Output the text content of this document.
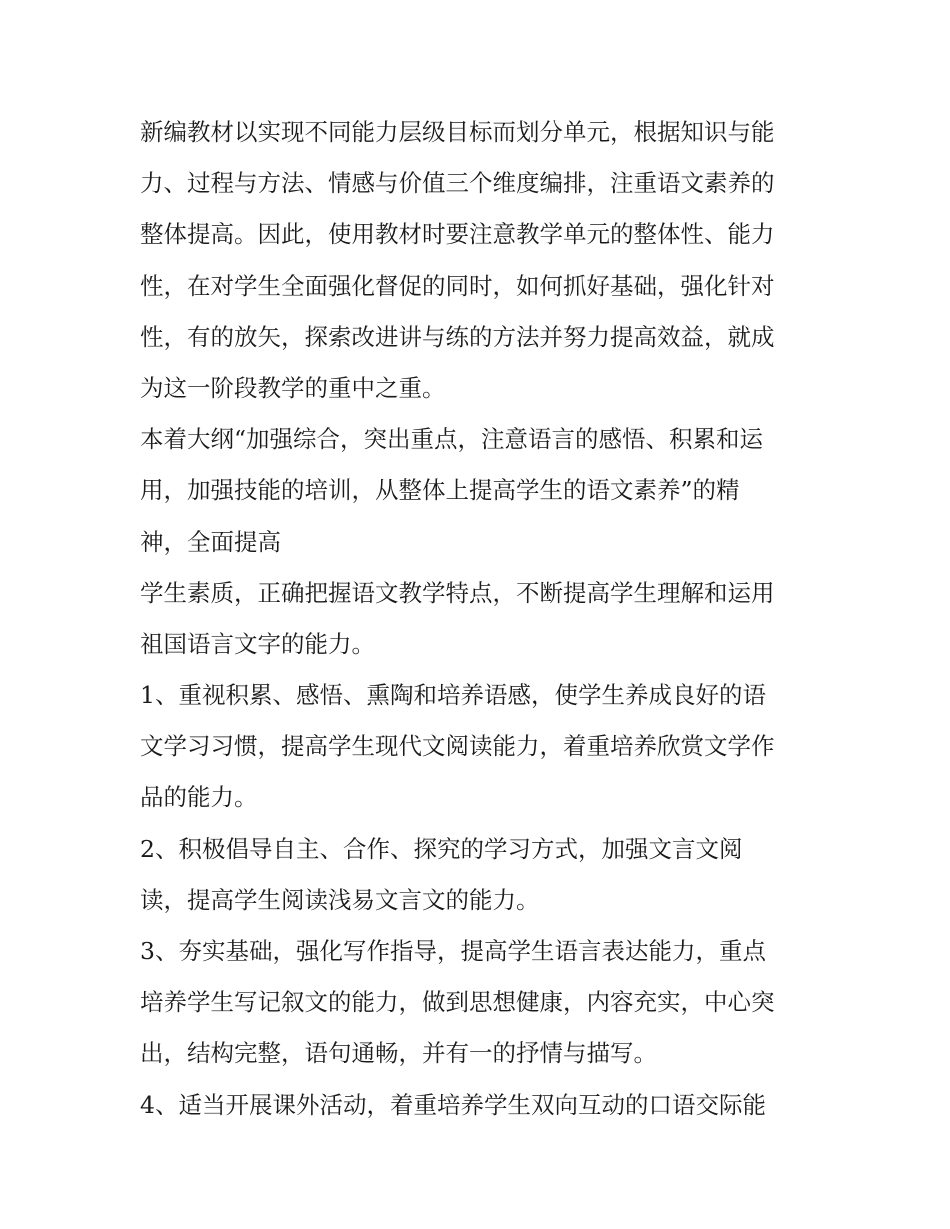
新编教材以实现不同能力层级目标而划分单元，根据知识与能
力、过程与方法、情感与价值三个维度编排，注重语文素养的
整体提高。因此，使用教材时要注意教学单元的整体性、能力
性，在对学生全面强化督促的同时，如何抓好基础，强化针对
性，有的放矢，探索改进讲与练的方法并努力提高效益，就成
为这一阶段教学的重中之重。
本着大纲“加强综合，突出重点，注意语言的感悟、积累和运
用，加强技能的培训，从整体上提高学生的语文素养”的精
神，全面提高
学生素质，正确把握语文教学特点，不断提高学生理解和运用
祖国语言文字的能力。
1、重视积累、感悟、熏陶和培养语感，使学生养成良好的语
文学习习惯，提高学生现代文阅读能力，着重培养欣赏文学作
品的能力。
2、积极倡导自主、合作、探究的学习方式，加强文言文阅
读，提高学生阅读浅易文言文的能力。
3、夯实基础，强化写作指导，提高学生语言表达能力，重点
培养学生写记叙文的能力，做到思想健康，内容充实，中心突
出，结构完整，语句通畅，并有一的抒情与描写。
4、适当开展课外活动，着重培养学生双向互动的口语交际能
